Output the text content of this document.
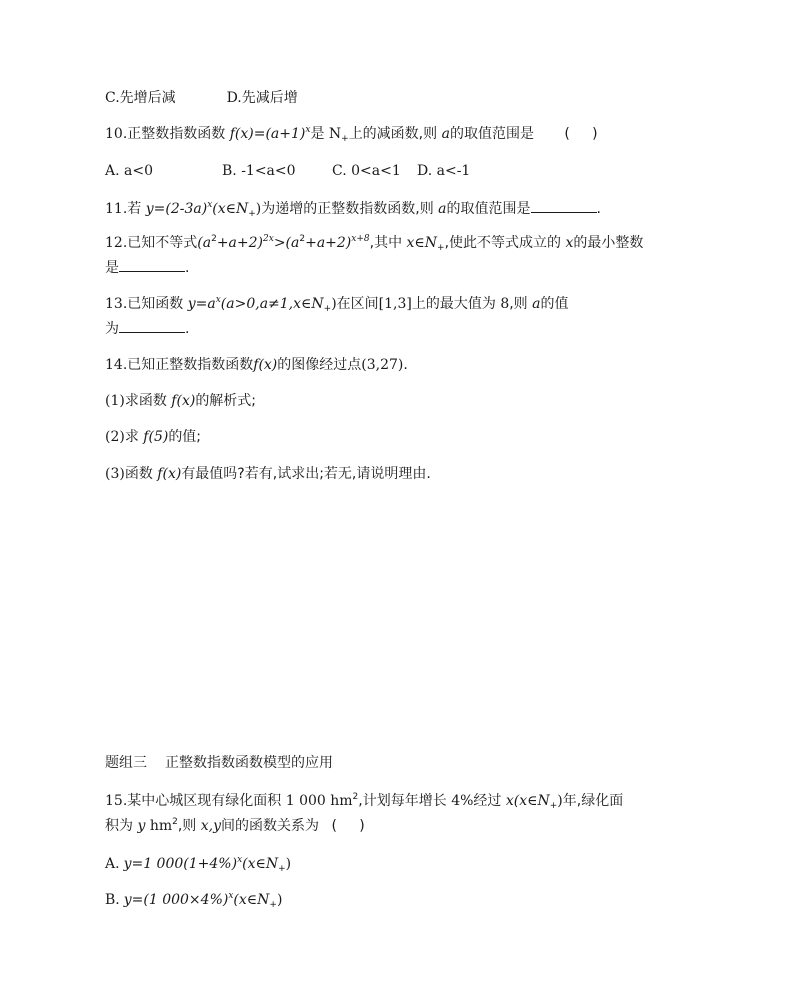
C.先增后减	D.先减后增
10.正整数指数函数 $f(x)=(a+1)^x$是 $N_+$上的减函数,则 a的取值范围是 (     )
A. a<0	B. -1<a<0	C. 0<a<1 D. a<-1
11.若 $y=(2-3a)^x(x\in N_+)$为递增的正整数指数函数,则 a的取值范围是	.
12.已知不等式$(a^2+a+2)^{2x}>(a^2+a+2)^{x+8}$,其中 $x\in N_+$,使此不等式成立的 x的最小整数
是	.
13.已知函数 $y=a^x(a>0,a\ne 1,x\in N_+)$在区间[1,3]上的最大值为 8,则 a的值
为	.
14.已知正整数指数函数f(x)的图像经过点(3,27).
(1)求函数 f(x)的解析式;
(2)求 f(5)的值;
(3)函数 f(x)有最值吗?若有,试求出;若无,请说明理由.
题组三 正整数指数函数模型的应用
15.某中心城区现有绿化面积 1 000 $hm^2$,计划每年增长 4%经过 $x(x\in N_+)$年,绿化面
积为 y $hm^2$,则 x,y间的函数关系为 (     )
A. y=1 $000(1+4\%)^x(x\in N_+)$
B. y=(1 $000\times 4\%)^x(x\in N_+)$
